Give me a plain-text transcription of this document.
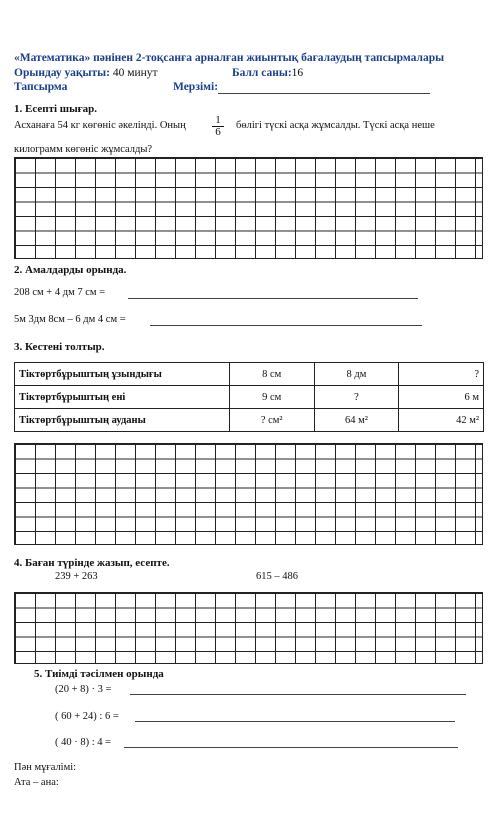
«Математика» пәнінен 2-тоқсанға арналған жиынтық бағалаудың тапсырмалары
Орындау уақыты: 40 минут	Балл саны:16
Тапсырма	Мерзімі:
1. Есепті шығар.
Асханаға 54 кг көгөніс әкелінді. Оның $\frac{1}{6}$ бөлігі түскі асқа жұмсалды. Түскі асқа неше
килограмм көгөніс жұмсалды?
2. Амалдарды орында.
208 см + 4 дм 7 см =
5м 3дм 8см – 6 дм 4 см =
3. Кестені толтыр.
Тіктөртбұрыштың ұзындығы	8 см	8 дм	?
Тіктөртбұрыштың ені	9 см	?	6 м
Тіктөртбұрыштың ауданы	? см²	64 м²	42 м²
4. Баған түрінде жазып, есепте.
239 + 263	615 – 486
5. Тиімді тәсілмен орында
(20 + 8) · 3 =
( 60 + 24) : 6 =
( 40 · 8) : 4 =
Пән мұғалімі:
Ата – ана:
